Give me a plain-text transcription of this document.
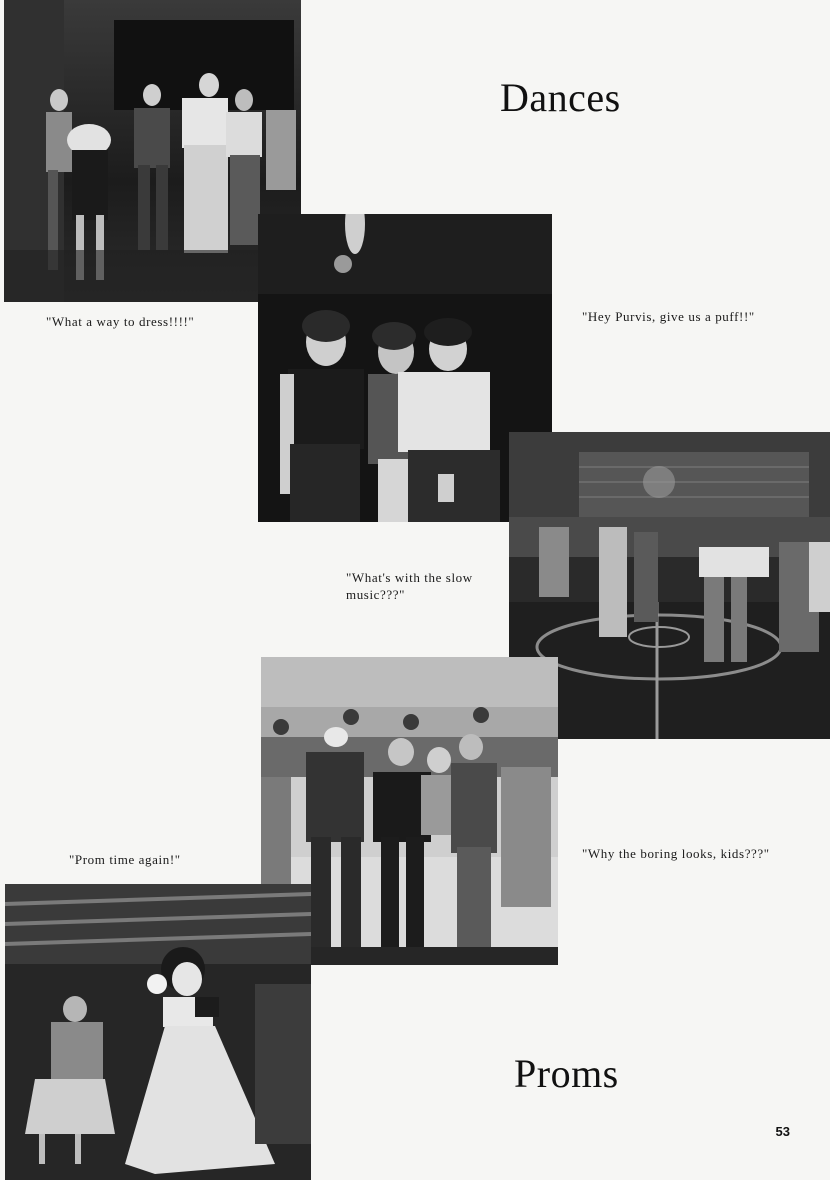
Dances
"What a way to dress!!!!"	"Hey Purvis, give us a puff!!"
"What's with the slow
music???"
"Prom time again!"	"Why the boring looks, kids???"
Proms
53
